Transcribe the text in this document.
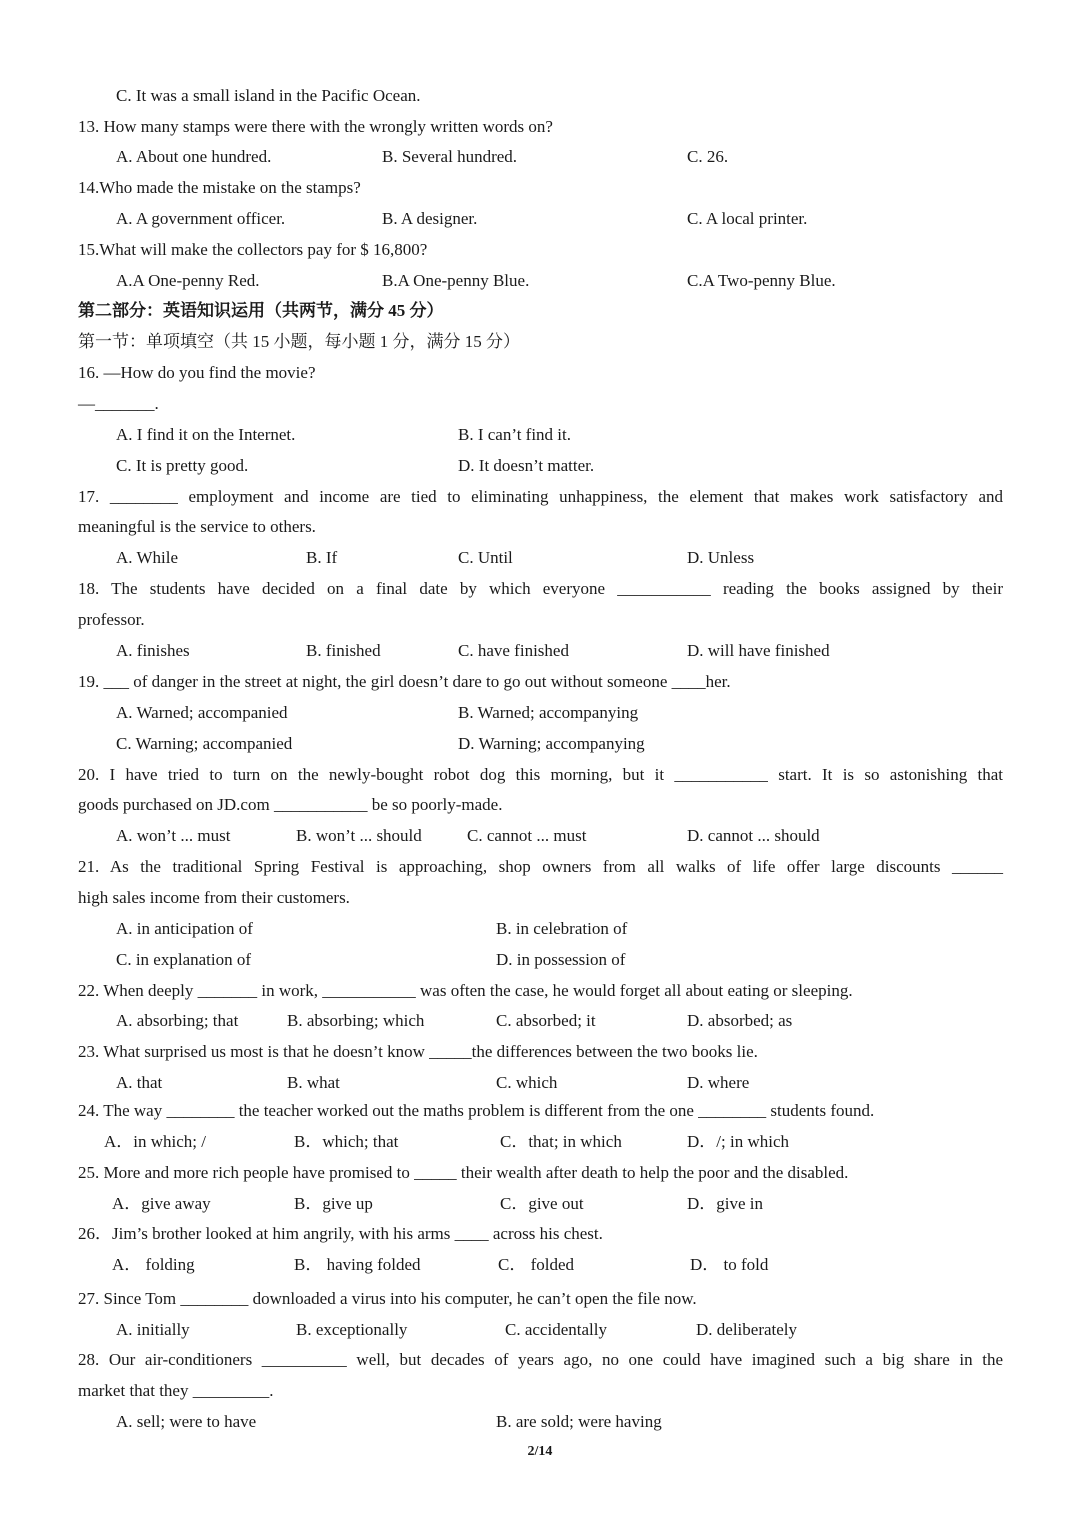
C. It was a small island in the Pacific Ocean.
13. How many stamps were there with the wrongly written words on?
A. About one hundred.	B. Several hundred.	C. 26.
14.Who made the mistake on the stamps?
A. A government officer.	B. A designer.	C. A local printer.
15.What will make the collectors pay for $ 16,800?
A.A One-penny Red.	B.A One-penny Blue.	C.A Two-penny Blue.
第二部分：英语知识运用（共两节，满分 45 分）
第一节：单项填空（共 15 小题，每小题 1 分，满分 15 分）
16. —How do you find the movie?
—_______.
A. I find it on the Internet.	B. I can’t find it.
C. It is pretty good.	D. It doesn’t matter.
17. ________ employment and income are tied to eliminating unhappiness, the element that makes work satisfactory and
meaningful is the service to others.
A. While	B. If	C. Until	D. Unless
18. The students have decided on a final date by which everyone ___________ reading the books assigned by their
professor.
A. finishes	B. finished	C. have finished	D. will have finished
19. ___ of danger in the street at night, the girl doesn’t dare to go out without someone ____her.
A. Warned; accompanied	B. Warned; accompanying
C. Warning; accompanied	D. Warning; accompanying
20. I have tried to turn on the newly-bought robot dog this morning, but it ___________ start. It is so astonishing that
goods purchased on JD.com ___________ be so poorly-made.
A. won’t ... must	B. won’t ... should	C. cannot ... must	D. cannot ... should
21. As the traditional Spring Festival is approaching, shop owners from all walks of life offer large discounts ______
high sales income from their customers.
A. in anticipation of	B. in celebration of
C. in explanation of	D. in possession of
22. When deeply _______ in work, ___________ was often the case, he would forget all about eating or sleeping.
A. absorbing; that	B. absorbing; which	C. absorbed; it	D. absorbed; as
23. What surprised us most is that he doesn’t know _____the differences between the two books lie.
A. that	B. what	C. which	D. where
24. The way ________ the teacher worked out the maths problem is different from the one ________ students found.
A．in which; /	B．which; that	C．that; in which	D．/; in which
25. More and more rich people have promised to _____ their wealth after death to help the poor and the disabled.
A．give away	B．give up	C．give out	D．give in
26．Jim’s brother looked at him angrily, with his arms ____ across his chest.
A． folding	B． having folded	C． folded	D． to fold
27. Since Tom ________ downloaded a virus into his computer, he can’t open the file now.
A. initially	B. exceptionally	C. accidentally	D. deliberately
28. Our air-conditioners __________ well, but decades of years ago, no one could have imagined such a big share in the
market that they _________.
A. sell; were to have	B. are sold; were having
2/14
